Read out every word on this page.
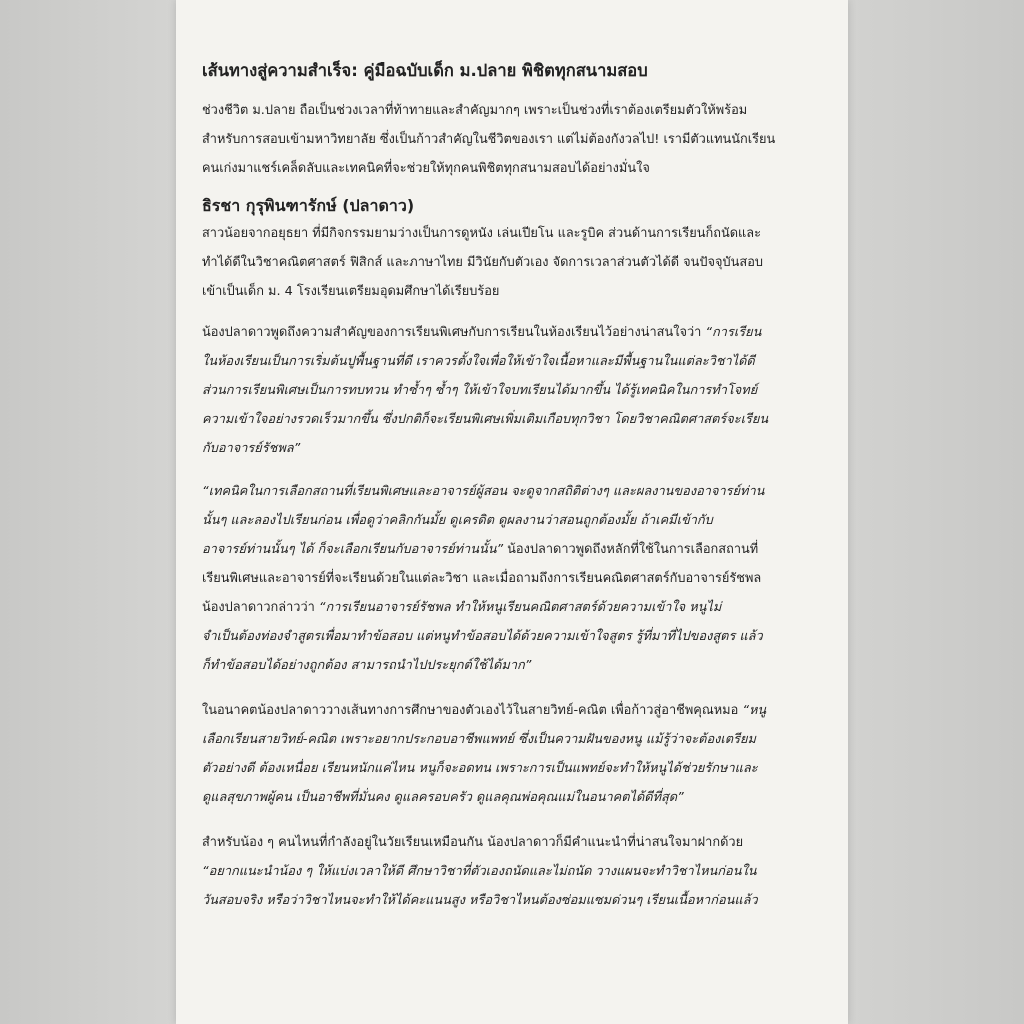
เส้นทางสู่ความสำเร็จ: คู่มือฉบับเด็ก ม.ปลาย พิชิตทุกสนามสอบ

ช่วงชีวิต ม.ปลาย ถือเป็นช่วงเวลาที่ท้าทายและสำคัญมากๆ เพราะเป็นช่วงที่เราต้องเตรียมตัวให้พร้อม

สำหรับการสอบเข้ามหาวิทยาลัย ซึ่งเป็นก้าวสำคัญในชีวิตของเรา แต่ไม่ต้องกังวลไป! เรามีตัวแทนนักเรียน

คนเก่งมาแชร์เคล็ดลับและเทคนิคที่จะช่วยให้ทุกคนพิชิตทุกสนามสอบได้อย่างมั่นใจ

ธิรชา กุรุพินฑารักษ์ (ปลาดาว)

สาวน้อยจากอยุธยา ที่มีกิจกรรมยามว่างเป็นการดูหนัง เล่นเปียโน และรูบิค ส่วนด้านการเรียนก็ถนัดและ

ทำได้ดีในวิชาคณิตศาสตร์ ฟิสิกส์ และภาษาไทย มีวินัยกับตัวเอง จัดการเวลาส่วนตัวได้ดี จนปัจจุบันสอบ

เข้าเป็นเด็ก ม. 4 โรงเรียนเตรียมอุดมศึกษาได้เรียบร้อย

น้องปลาดาวพูดถึงความสำคัญของการเรียนพิเศษกับการเรียนในห้องเรียนไว้อย่างน่าสนใจว่า “การเรียน

ในห้องเรียนเป็นการเริ่มต้นปูพื้นฐานที่ดี เราควรตั้งใจเพื่อให้เข้าใจเนื้อหาและมีพื้นฐานในแต่ละวิชาได้ดี

ส่วนการเรียนพิเศษเป็นการทบทวน ทำซ้ำๆ ซ้ำๆ ให้เข้าใจบทเรียนได้มากขึ้น ได้รู้เทคนิคในการทำโจทย์

ความเข้าใจอย่างรวดเร็วมากขึ้น ซึ่งปกติก็จะเรียนพิเศษเพิ่มเติมเกือบทุกวิชา โดยวิชาคณิตศาสตร์จะเรียน

กับอาจารย์รัชพล”

“เทคนิคในการเลือกสถานที่เรียนพิเศษและอาจารย์ผู้สอน จะดูจากสถิติต่างๆ และผลงานของอาจารย์ท่าน

นั้นๆ และลองไปเรียนก่อน เพื่อดูว่าคลิกกันมั้ย ดูเครดิต ดูผลงานว่าสอนถูกต้องมั้ย ถ้าเคมีเข้ากับ

อาจารย์ท่านนั้นๆ ได้ ก็จะเลือกเรียนกับอาจารย์ท่านนั้น” น้องปลาดาวพูดถึงหลักที่ใช้ในการเลือกสถานที่

เรียนพิเศษและอาจารย์ที่จะเรียนด้วยในแต่ละวิชา และเมื่อถามถึงการเรียนคณิตศาสตร์กับอาจารย์รัชพล

น้องปลาดาวกล่าวว่า “การเรียนอาจารย์รัชพล ทำให้หนูเรียนคณิตศาสตร์ด้วยความเข้าใจ หนูไม่

จำเป็นต้องท่องจำสูตรเพื่อมาทำข้อสอบ แต่หนูทำข้อสอบได้ด้วยความเข้าใจสูตร รู้ที่มาที่ไปของสูตร แล้ว

ก็ทำข้อสอบได้อย่างถูกต้อง สามารถนำไปประยุกต์ใช้ได้มาก”

ในอนาคตน้องปลาดาววางเส้นทางการศึกษาของตัวเองไว้ในสายวิทย์-คณิต เพื่อก้าวสู่อาชีพคุณหมอ “หนู

เลือกเรียนสายวิทย์-คณิต เพราะอยากประกอบอาชีพแพทย์ ซึ่งเป็นความฝันของหนู แม้รู้ว่าจะต้องเตรียม

ตัวอย่างดี ต้องเหนื่อย เรียนหนักแค่ไหน หนูก็จะอดทน เพราะการเป็นแพทย์จะทำให้หนูได้ช่วยรักษาและ

ดูแลสุขภาพผู้คน เป็นอาชีพที่มั่นคง ดูแลครอบครัว ดูแลคุณพ่อคุณแม่ในอนาคตได้ดีที่สุด”

สำหรับน้อง ๆ คนไหนที่กำลังอยู่ในวัยเรียนเหมือนกัน น้องปลาดาวก็มีคำแนะนำที่น่าสนใจมาฝากด้วย

“อยากแนะนำน้อง ๆ ให้แบ่งเวลาให้ดี ศึกษาวิชาที่ตัวเองถนัดและไม่ถนัด วางแผนจะทำวิชาไหนก่อนใน

วันสอบจริง หรือว่าวิชาไหนจะทำให้ได้คะแนนสูง หรือวิชาไหนต้องซ่อมแซมด่วนๆ เรียนเนื้อหาก่อนแล้ว
